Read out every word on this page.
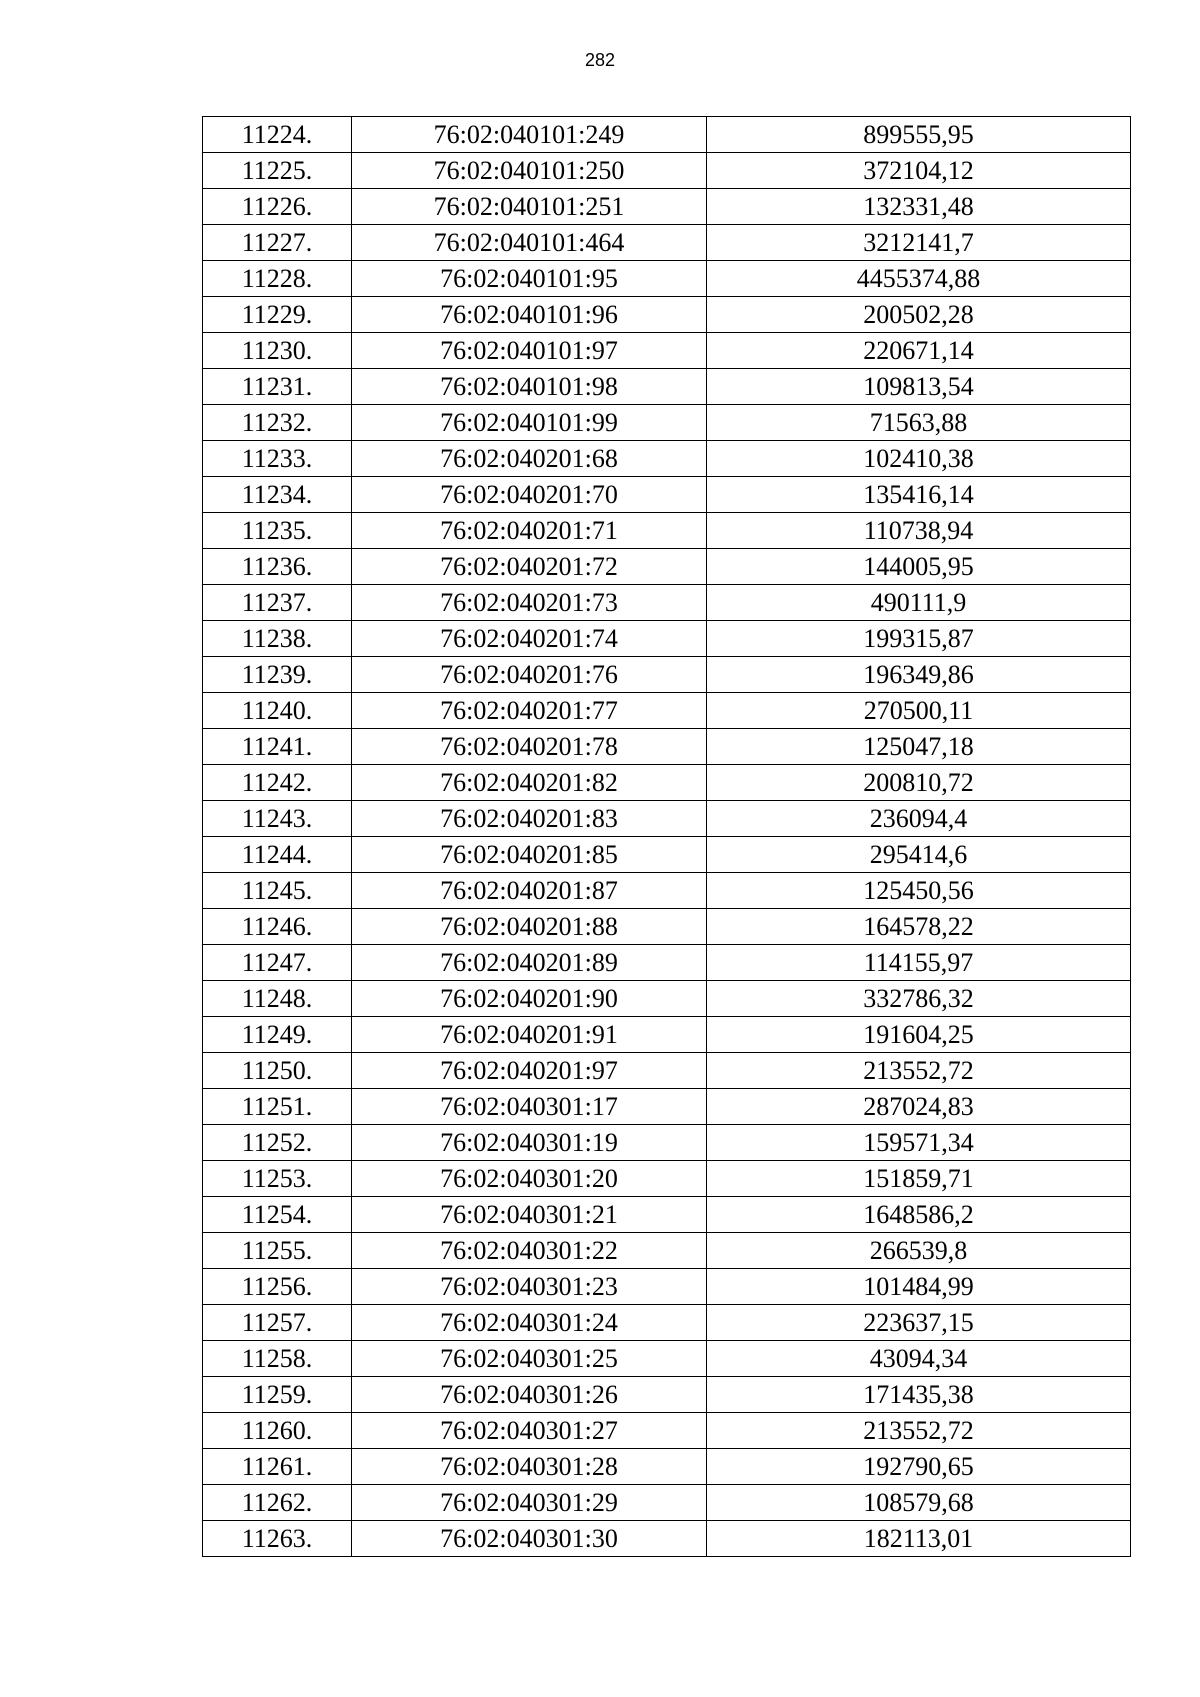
282
11224.	76:02:040101:249	899555,95
11225.	76:02:040101:250	372104,12
11226.	76:02:040101:251	132331,48
11227.	76:02:040101:464	3212141,7
11228.	76:02:040101:95	4455374,88
11229.	76:02:040101:96	200502,28
11230.	76:02:040101:97	220671,14
11231.	76:02:040101:98	109813,54
11232.	76:02:040101:99	71563,88
11233.	76:02:040201:68	102410,38
11234.	76:02:040201:70	135416,14
11235.	76:02:040201:71	110738,94
11236.	76:02:040201:72	144005,95
11237.	76:02:040201:73	490111,9
11238.	76:02:040201:74	199315,87
11239.	76:02:040201:76	196349,86
11240.	76:02:040201:77	270500,11
11241.	76:02:040201:78	125047,18
11242.	76:02:040201:82	200810,72
11243.	76:02:040201:83	236094,4
11244.	76:02:040201:85	295414,6
11245.	76:02:040201:87	125450,56
11246.	76:02:040201:88	164578,22
11247.	76:02:040201:89	114155,97
11248.	76:02:040201:90	332786,32
11249.	76:02:040201:91	191604,25
11250.	76:02:040201:97	213552,72
11251.	76:02:040301:17	287024,83
11252.	76:02:040301:19	159571,34
11253.	76:02:040301:20	151859,71
11254.	76:02:040301:21	1648586,2
11255.	76:02:040301:22	266539,8
11256.	76:02:040301:23	101484,99
11257.	76:02:040301:24	223637,15
11258.	76:02:040301:25	43094,34
11259.	76:02:040301:26	171435,38
11260.	76:02:040301:27	213552,72
11261.	76:02:040301:28	192790,65
11262.	76:02:040301:29	108579,68
11263.	76:02:040301:30	182113,01
